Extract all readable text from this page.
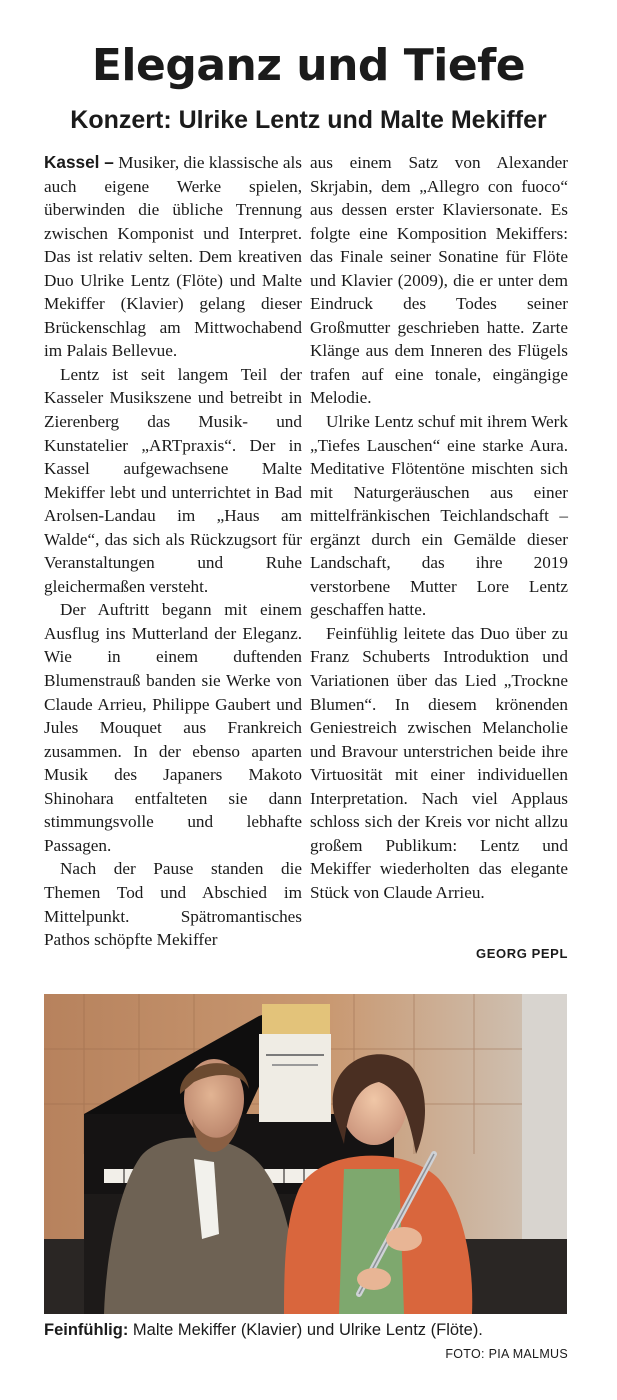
Eleganz und Tiefe
Konzert: Ulrike Lentz und Malte Mekiffer

Kassel – Musiker, die klassische als auch eigene Werke spielen, überwinden die übliche Trennung zwischen Komponist und Interpret. Das ist relativ selten. Dem kreativen Duo Ulrike Lentz (Flöte) und Malte Mekiffer (Klavier) gelang dieser Brückenschlag am Mittwochabend im Palais Bellevue.

Lentz ist seit langem Teil der Kasseler Musikszene und betreibt in Zierenberg das Musik- und Kunstatelier „ARTpraxis“. Der in Kassel aufgewachsene Malte Mekiffer lebt und unterrichtet in Bad Arolsen-Landau im „Haus am Walde“, das sich als Rückzugsort für Veranstaltungen und Ruhe gleichermaßen versteht.

Der Auftritt begann mit einem Ausflug ins Mutterland der Eleganz. Wie in einem duftenden Blumenstrauß banden sie Werke von Claude Arrieu, Philippe Gaubert und Jules Mouquet aus Frankreich zusammen. In der ebenso aparten Musik des Japaners Makoto Shinohara entfalteten sie dann stimmungsvolle und lebhafte Passagen.

Nach der Pause standen die Themen Tod und Abschied im Mittelpunkt. Spätromantisches Pathos schöpfte Mekiffer

aus einem Satz von Alexander Skrjabin, dem „Allegro con fuoco“ aus dessen erster Klaviersonate. Es folgte eine Komposition Mekiffers: das Finale seiner Sonatine für Flöte und Klavier (2009), die er unter dem Eindruck des Todes seiner Großmutter geschrieben hatte. Zarte Klänge aus dem Inneren des Flügels trafen auf eine tonale, eingängige Melodie.

Ulrike Lentz schuf mit ihrem Werk „Tiefes Lauschen“ eine starke Aura. Meditative Flötentöne mischten sich mit Naturgeräuschen aus einer mittelfränkischen Teichlandschaft – ergänzt durch ein Gemälde dieser Landschaft, das ihre 2019 verstorbene Mutter Lore Lentz geschaffen hatte.

Feinfühlig leitete das Duo über zu Franz Schuberts Introduktion und Variationen über das Lied „Trockne Blumen“. In diesem krönenden Geniestreich zwischen Melancholie und Bravour unterstrichen beide ihre Virtuosität mit einer individuellen Interpretation. Nach viel Applaus schloss sich der Kreis vor nicht allzu großem Publikum: Lentz und Mekiffer wiederholten das elegante Stück von Claude Arrieu.

GEORG PEPL
Feinfühlig: Malte Mekiffer (Klavier) und Ulrike Lentz (Flöte).
FOTO: PIA MALMUS
